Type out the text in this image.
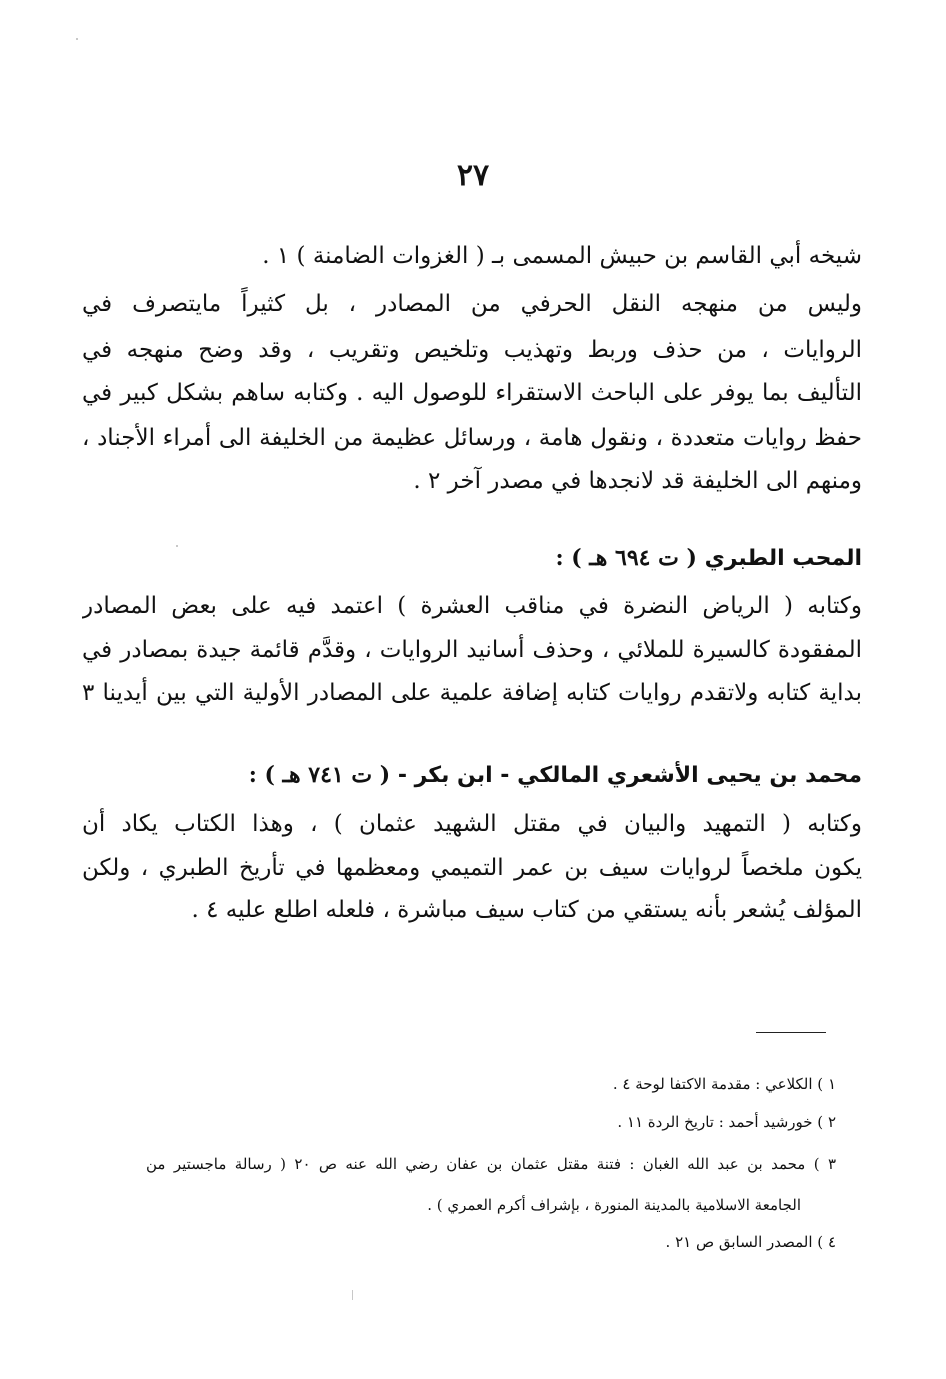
٢٧
شيخه أبي القاسم بن حبيش المسمى بـ ( الغزوات الضامنة ) ١ .
وليس من منهجه النقل الحرفي من المصادر ، بل كثيراً مايتصرف في
الروايات ، من حذف وربط وتهذيب وتلخيص وتقريب ، وقد وضح منهجه في
التأليف بما يوفر على الباحث الاستقراء للوصول اليه . وكتابه ساهم بشكل كبير في
حفظ روايات متعددة ، ونقول هامة ، ورسائل عظيمة من الخليفة الى أمراء الأجناد ،
ومنهم الى الخليفة قد لانجدها في مصدر آخر ٢ .
المحب الطبري ( ت ٦٩٤ هـ ) :
وكتابه ( الرياض النضرة في مناقب العشرة ) اعتمد فيه على بعض المصادر
المفقودة كالسيرة للملائي ، وحذف أسانيد الروايات ، وقدَّم قائمة جيدة بمصادر في
بداية كتابه ولاتقدم روايات كتابه إضافة علمية على المصادر الأولية التي بين أيدينا ٣
محمد بن يحيى الأشعري المالكي - ابن بكر - ( ت ٧٤١ هـ ) :
وكتابه ( التمهيد والبيان في مقتل الشهيد عثمان ) ، وهذا الكتاب يكاد أن
يكون ملخصاً لروايات سيف بن عمر التميمي ومعظمها في تأريخ الطبري ، ولكن
المؤلف يُشعر بأنه يستقي من كتاب سيف مباشرة ، فلعله اطلع عليه ٤ .
١ ) الكلاعي : مقدمة الاكتفا لوحة ٤ .
٢ ) خورشيد أحمد : تاريخ الردة ١١ .
٣ ) محمد بن عبد الله الغبان : فتنة مقتل عثمان بن عفان رضي الله عنه ص ٢٠ ( رسالة ماجستير من
الجامعة الاسلامية بالمدينة المنورة ، بإشراف أكرم العمري ) .
٤ ) المصدر السابق ص ٢١ .
